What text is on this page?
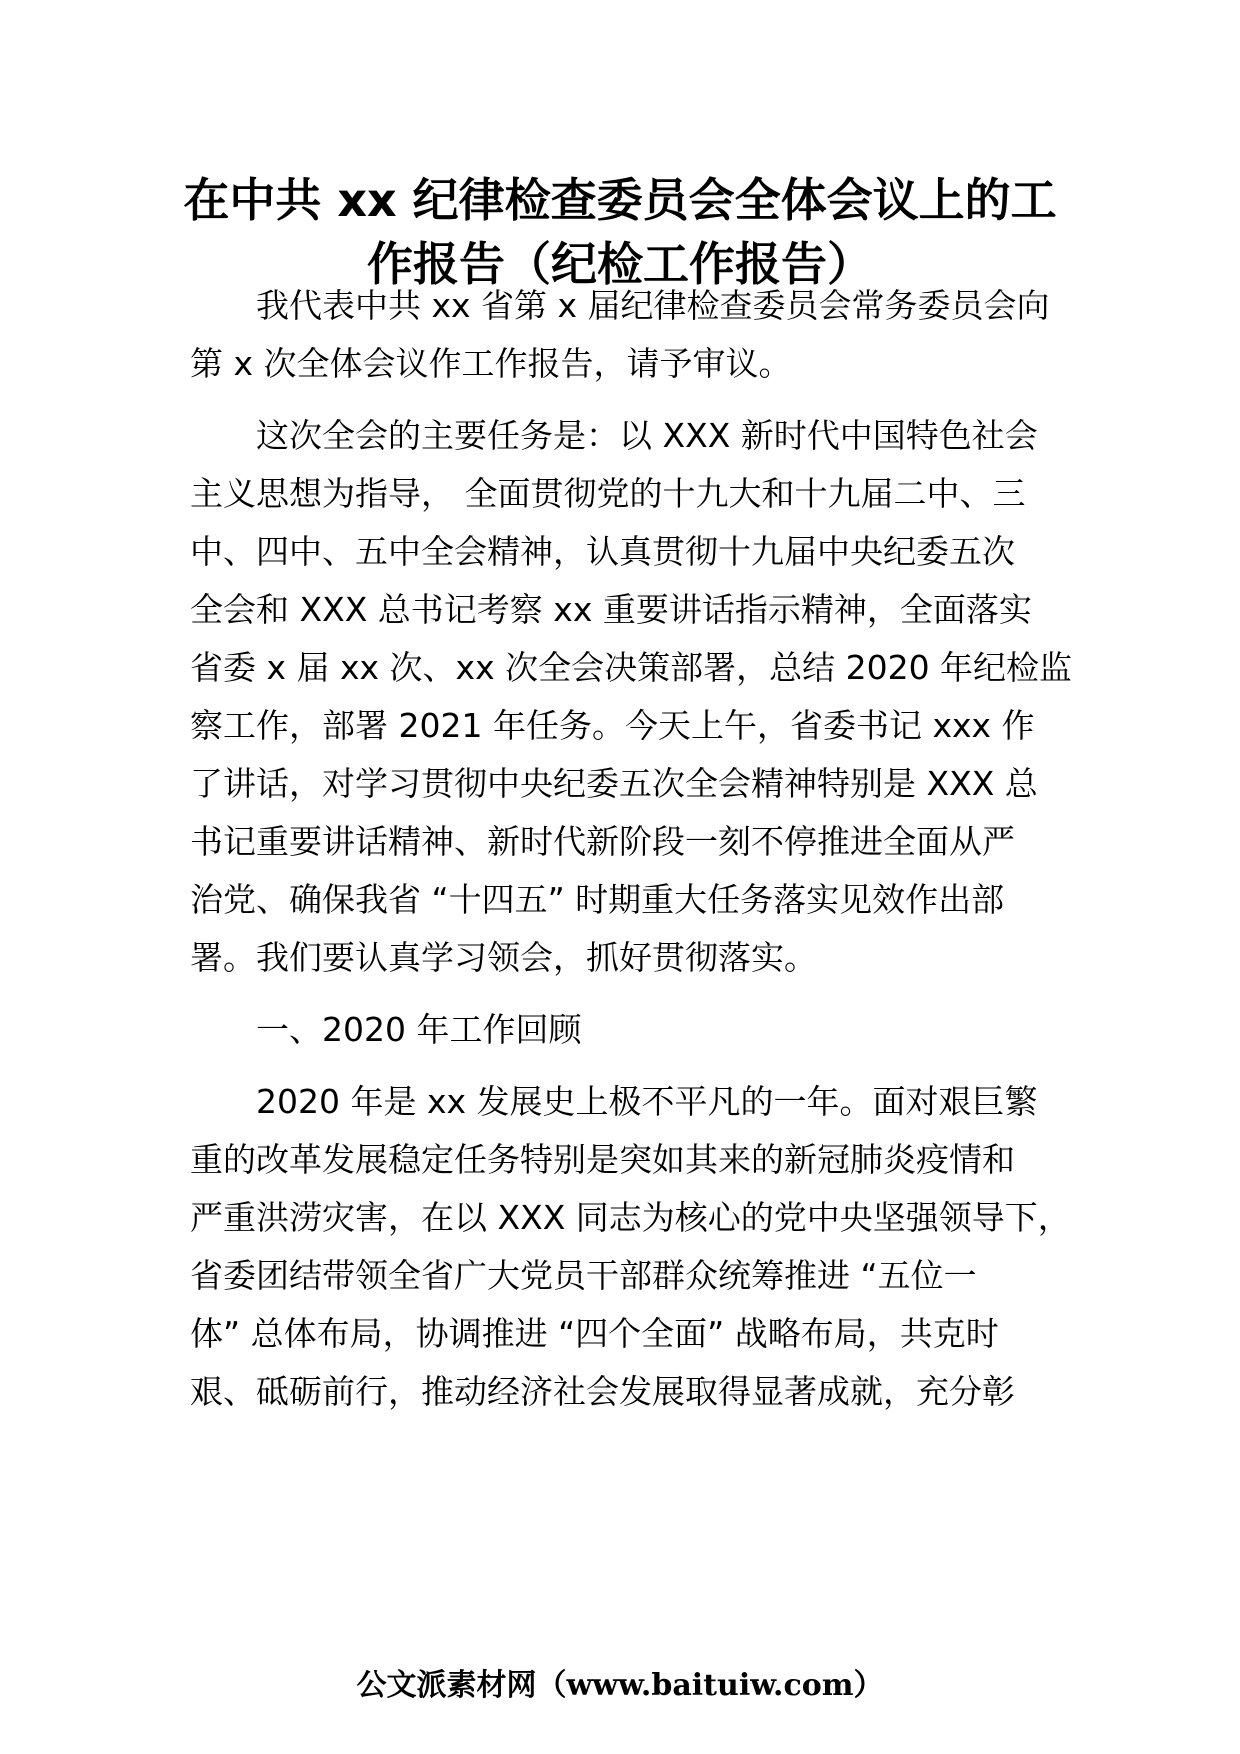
在中共 xx 纪律检查委员会全体会议上的工
作报告（纪检工作报告）

我代表中共 xx 省第 x 届纪律检查委员会常务委员会向

第 x 次全体会议作工作报告，请予审议。

这次全会的主要任务是：以 XXX 新时代中国特色社会

主义思想为指导， 全面贯彻党的十九大和十九届二中、三

中、四中、五中全会精神，认真贯彻十九届中央纪委五次

全会和 XXX 总书记考察 xx 重要讲话指示精神，全面落实

省委 x 届 xx 次、xx 次全会决策部署，总结 2020 年纪检监

察工作，部署 2021 年任务。今天上午，省委书记 xxx 作

了讲话，对学习贯彻中央纪委五次全会精神特别是 XXX 总

书记重要讲话精神、新时代新阶段一刻不停推进全面从严

治党、确保我省 “十四五” 时期重大任务落实见效作出部

署。我们要认真学习领会，抓好贯彻落实。

一、2020 年工作回顾

2020 年是 xx 发展史上极不平凡的一年。面对艰巨繁

重的改革发展稳定任务特别是突如其来的新冠肺炎疫情和

严重洪涝灾害，在以 XXX 同志为核心的党中央坚强领导下，

省委团结带领全省广大党员干部群众统筹推进 “五位一

体” 总体布局，协调推进 “四个全面” 战略布局，共克时

艰、砥砺前行，推动经济社会发展取得显著成就，充分彰

公文派素材网（www.baituiw.com）
